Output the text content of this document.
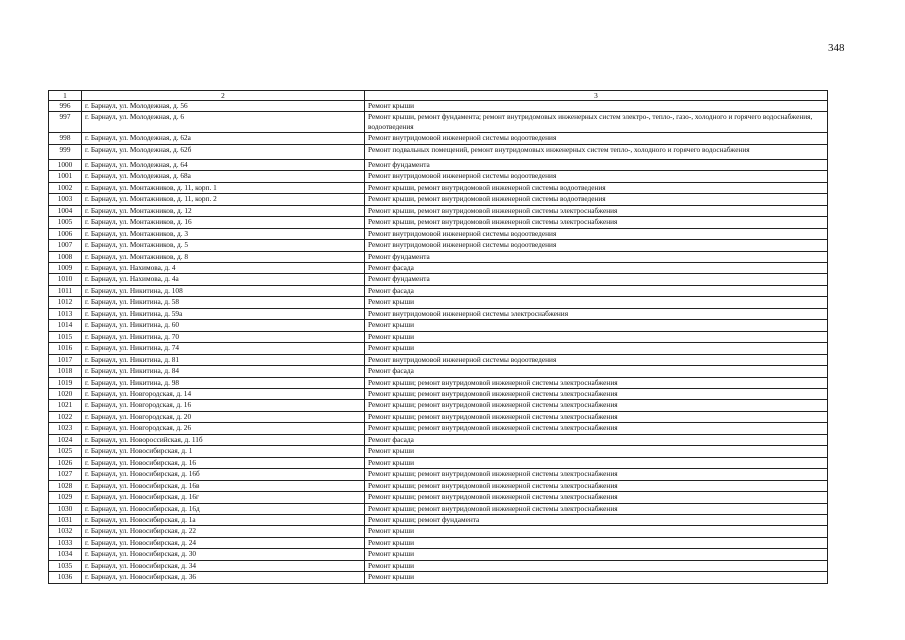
348
1	2	3
996	г. Барнаул, ул. Молодежная, д. 56	Ремонт крыши
997	г. Барнаул, ул. Молодежная, д. 6	Ремонт крыши, ремонт фундамента; ремонт внутридомовых инженерных систем электро-, тепло-, газо-, холодного и горячего водоснабжения, водоотведения
998	г. Барнаул, ул. Молодежная, д. 62а	Ремонт внутридомовой инженерной системы водоотведения
999	г. Барнаул, ул. Молодежная, д. 62б	Ремонт подвальных помещений, ремонт внутридомовых инженерных систем тепло-, холодного и горячего водоснабжения
1000	г. Барнаул, ул. Молодежная, д. 64	Ремонт фундамента
1001	г. Барнаул, ул. Молодежная, д. 68а	Ремонт внутридомовой инженерной системы водоотведения
1002	г. Барнаул, ул. Монтажников, д. 11, корп. 1	Ремонт крыши, ремонт внутридомовой инженерной системы водоотведения
1003	г. Барнаул, ул. Монтажников, д. 11, корп. 2	Ремонт крыши, ремонт внутридомовой инженерной системы водоотведения
1004	г. Барнаул, ул. Монтажников, д. 12	Ремонт крыши, ремонт внутридомовой инженерной системы электроснабжения
1005	г. Барнаул, ул. Монтажников, д. 16	Ремонт крыши, ремонт внутридомовой инженерной системы электроснабжения
1006	г. Барнаул, ул. Монтажников, д. 3	Ремонт внутридомовой инженерной системы водоотведения
1007	г. Барнаул, ул. Монтажников, д. 5	Ремонт внутридомовой инженерной системы водоотведения
1008	г. Барнаул, ул. Монтажников, д. 8	Ремонт фундамента
1009	г. Барнаул, ул. Нахимова, д. 4	Ремонт фасада
1010	г. Барнаул, ул. Нахимова, д. 4а	Ремонт фундамента
1011	г. Барнаул, ул. Никитина, д. 108	Ремонт фасада
1012	г. Барнаул, ул. Никитина, д. 58	Ремонт крыши
1013	г. Барнаул, ул. Никитина, д. 59а	Ремонт внутридомовой инженерной системы электроснабжения
1014	г. Барнаул, ул. Никитина, д. 60	Ремонт крыши
1015	г. Барнаул, ул. Никитина, д. 70	Ремонт крыши
1016	г. Барнаул, ул. Никитина, д. 74	Ремонт крыши
1017	г. Барнаул, ул. Никитина, д. 81	Ремонт внутридомовой инженерной системы водоотведения
1018	г. Барнаул, ул. Никитина, д. 84	Ремонт фасада
1019	г. Барнаул, ул. Никитина, д. 98	Ремонт крыши; ремонт внутридомовой инженерной системы электроснабжения
1020	г. Барнаул, ул. Новгородская, д. 14	Ремонт крыши; ремонт внутридомовой инженерной системы электроснабжения
1021	г. Барнаул, ул. Новгородская, д. 16	Ремонт крыши; ремонт внутридомовой инженерной системы электроснабжения
1022	г. Барнаул, ул. Новгородская, д. 20	Ремонт крыши; ремонт внутридомовой инженерной системы электроснабжения
1023	г. Барнаул, ул. Новгородская, д. 26	Ремонт крыши; ремонт внутридомовой инженерной системы электроснабжения
1024	г. Барнаул, ул. Новороссийская, д. 11б	Ремонт фасада
1025	г. Барнаул, ул. Новосибирская, д. 1	Ремонт крыши
1026	г. Барнаул, ул. Новосибирская, д. 16	Ремонт крыши
1027	г. Барнаул, ул. Новосибирская, д. 16б	Ремонт крыши; ремонт внутридомовой инженерной системы электроснабжения
1028	г. Барнаул, ул. Новосибирская, д. 16в	Ремонт крыши; ремонт внутридомовой инженерной системы электроснабжения
1029	г. Барнаул, ул. Новосибирская, д. 16г	Ремонт крыши; ремонт внутридомовой инженерной системы электроснабжения
1030	г. Барнаул, ул. Новосибирская, д. 16д	Ремонт крыши; ремонт внутридомовой инженерной системы электроснабжения
1031	г. Барнаул, ул. Новосибирская, д. 1а	Ремонт крыши; ремонт фундамента
1032	г. Барнаул, ул. Новосибирская, д. 22	Ремонт крыши
1033	г. Барнаул, ул. Новосибирская, д. 24	Ремонт крыши
1034	г. Барнаул, ул. Новосибирская, д. 30	Ремонт крыши
1035	г. Барнаул, ул. Новосибирская, д. 34	Ремонт крыши
1036	г. Барнаул, ул. Новосибирская, д. 36	Ремонт крыши
